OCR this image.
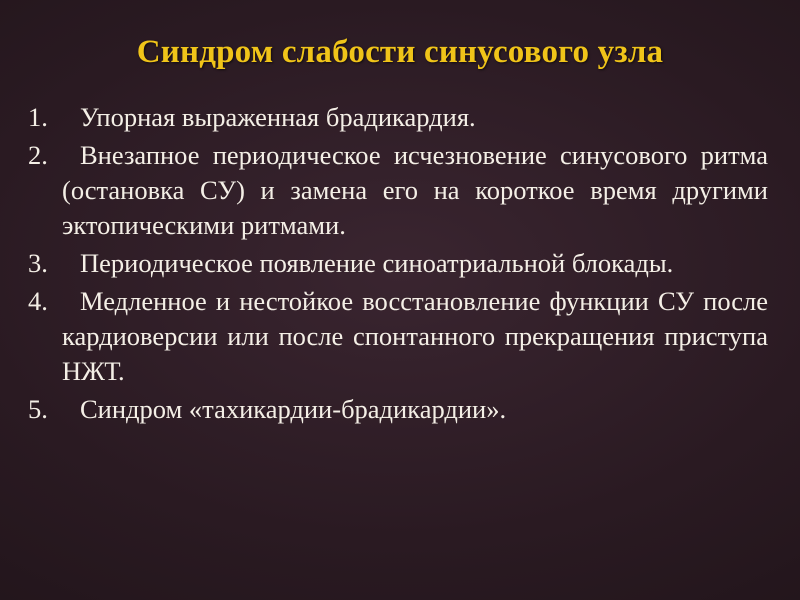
Синдром слабости синусового узла
1.	Упорная выраженная брадикардия.
2.	Внезапное периодическое исчезновение синусового ритма (остановка СУ) и замена его на короткое время другими эктопическими ритмами.
3.	Периодическое появление синоатриальной блокады.
4.	Медленное и нестойкое восстановление функции СУ после кардиоверсии или после спонтанного прекращения приступа НЖТ.
5.	Синдром «тахикардии-брадикардии».
